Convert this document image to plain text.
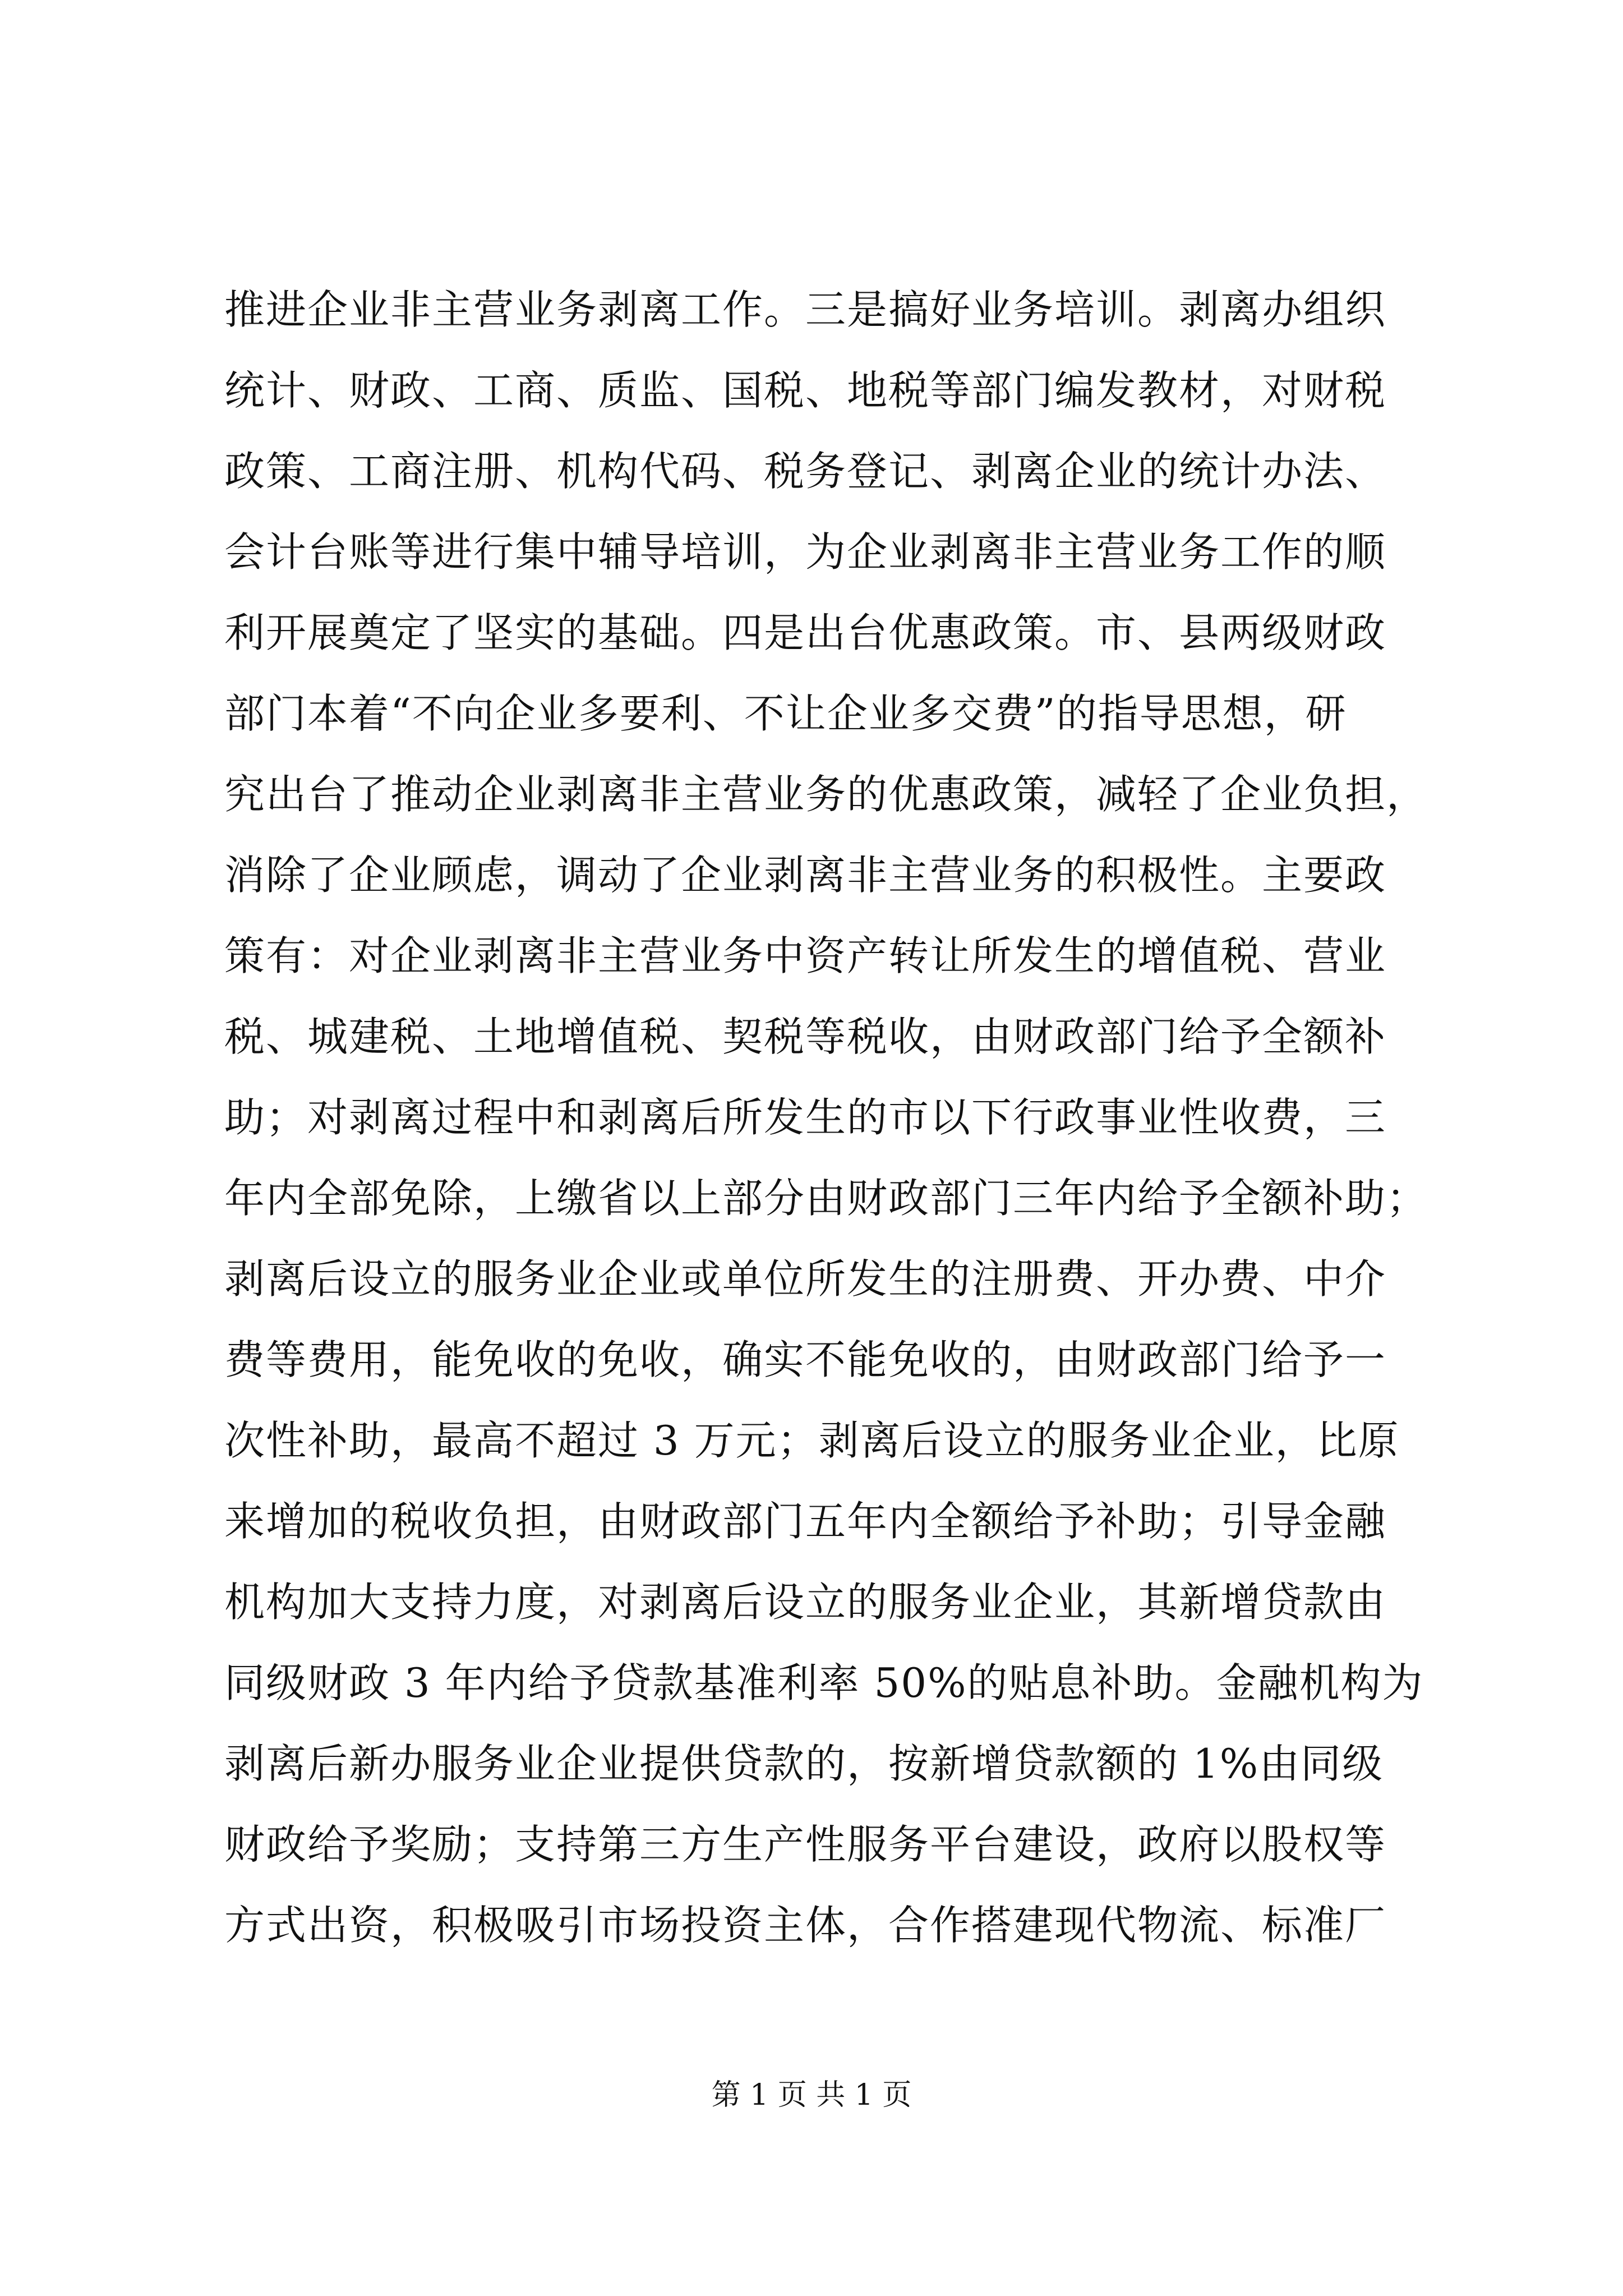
推进企业非主营业务剥离工作。三是搞好业务培训。剥离办组织
统计、财政、工商、质监、国税、地税等部门编发教材，对财税
政策、工商注册、机构代码、税务登记、剥离企业的统计办法、
会计台账等进行集中辅导培训，为企业剥离非主营业务工作的顺
利开展奠定了坚实的基础。四是出台优惠政策。市、县两级财政
部门本着“不向企业多要利、不让企业多交费”的指导思想，研
究出台了推动企业剥离非主营业务的优惠政策，减轻了企业负担，
消除了企业顾虑，调动了企业剥离非主营业务的积极性。主要政
策有：对企业剥离非主营业务中资产转让所发生的增值税、营业
税、城建税、土地增值税、契税等税收，由财政部门给予全额补
助；对剥离过程中和剥离后所发生的市以下行政事业性收费，三
年内全部免除，上缴省以上部分由财政部门三年内给予全额补助；
剥离后设立的服务业企业或单位所发生的注册费、开办费、中介
费等费用，能免收的免收，确实不能免收的，由财政部门给予一
次性补助，最高不超过 3 万元；剥离后设立的服务业企业，比原
来增加的税收负担，由财政部门五年内全额给予补助；引导金融
机构加大支持力度，对剥离后设立的服务业企业，其新增贷款由
同级财政 3 年内给予贷款基准利率 50%的贴息补助。金融机构为
剥离后新办服务业企业提供贷款的，按新增贷款额的 1%由同级
财政给予奖励；支持第三方生产性服务平台建设，政府以股权等
方式出资，积极吸引市场投资主体，合作搭建现代物流、标准厂
第 1 页 共 1 页
